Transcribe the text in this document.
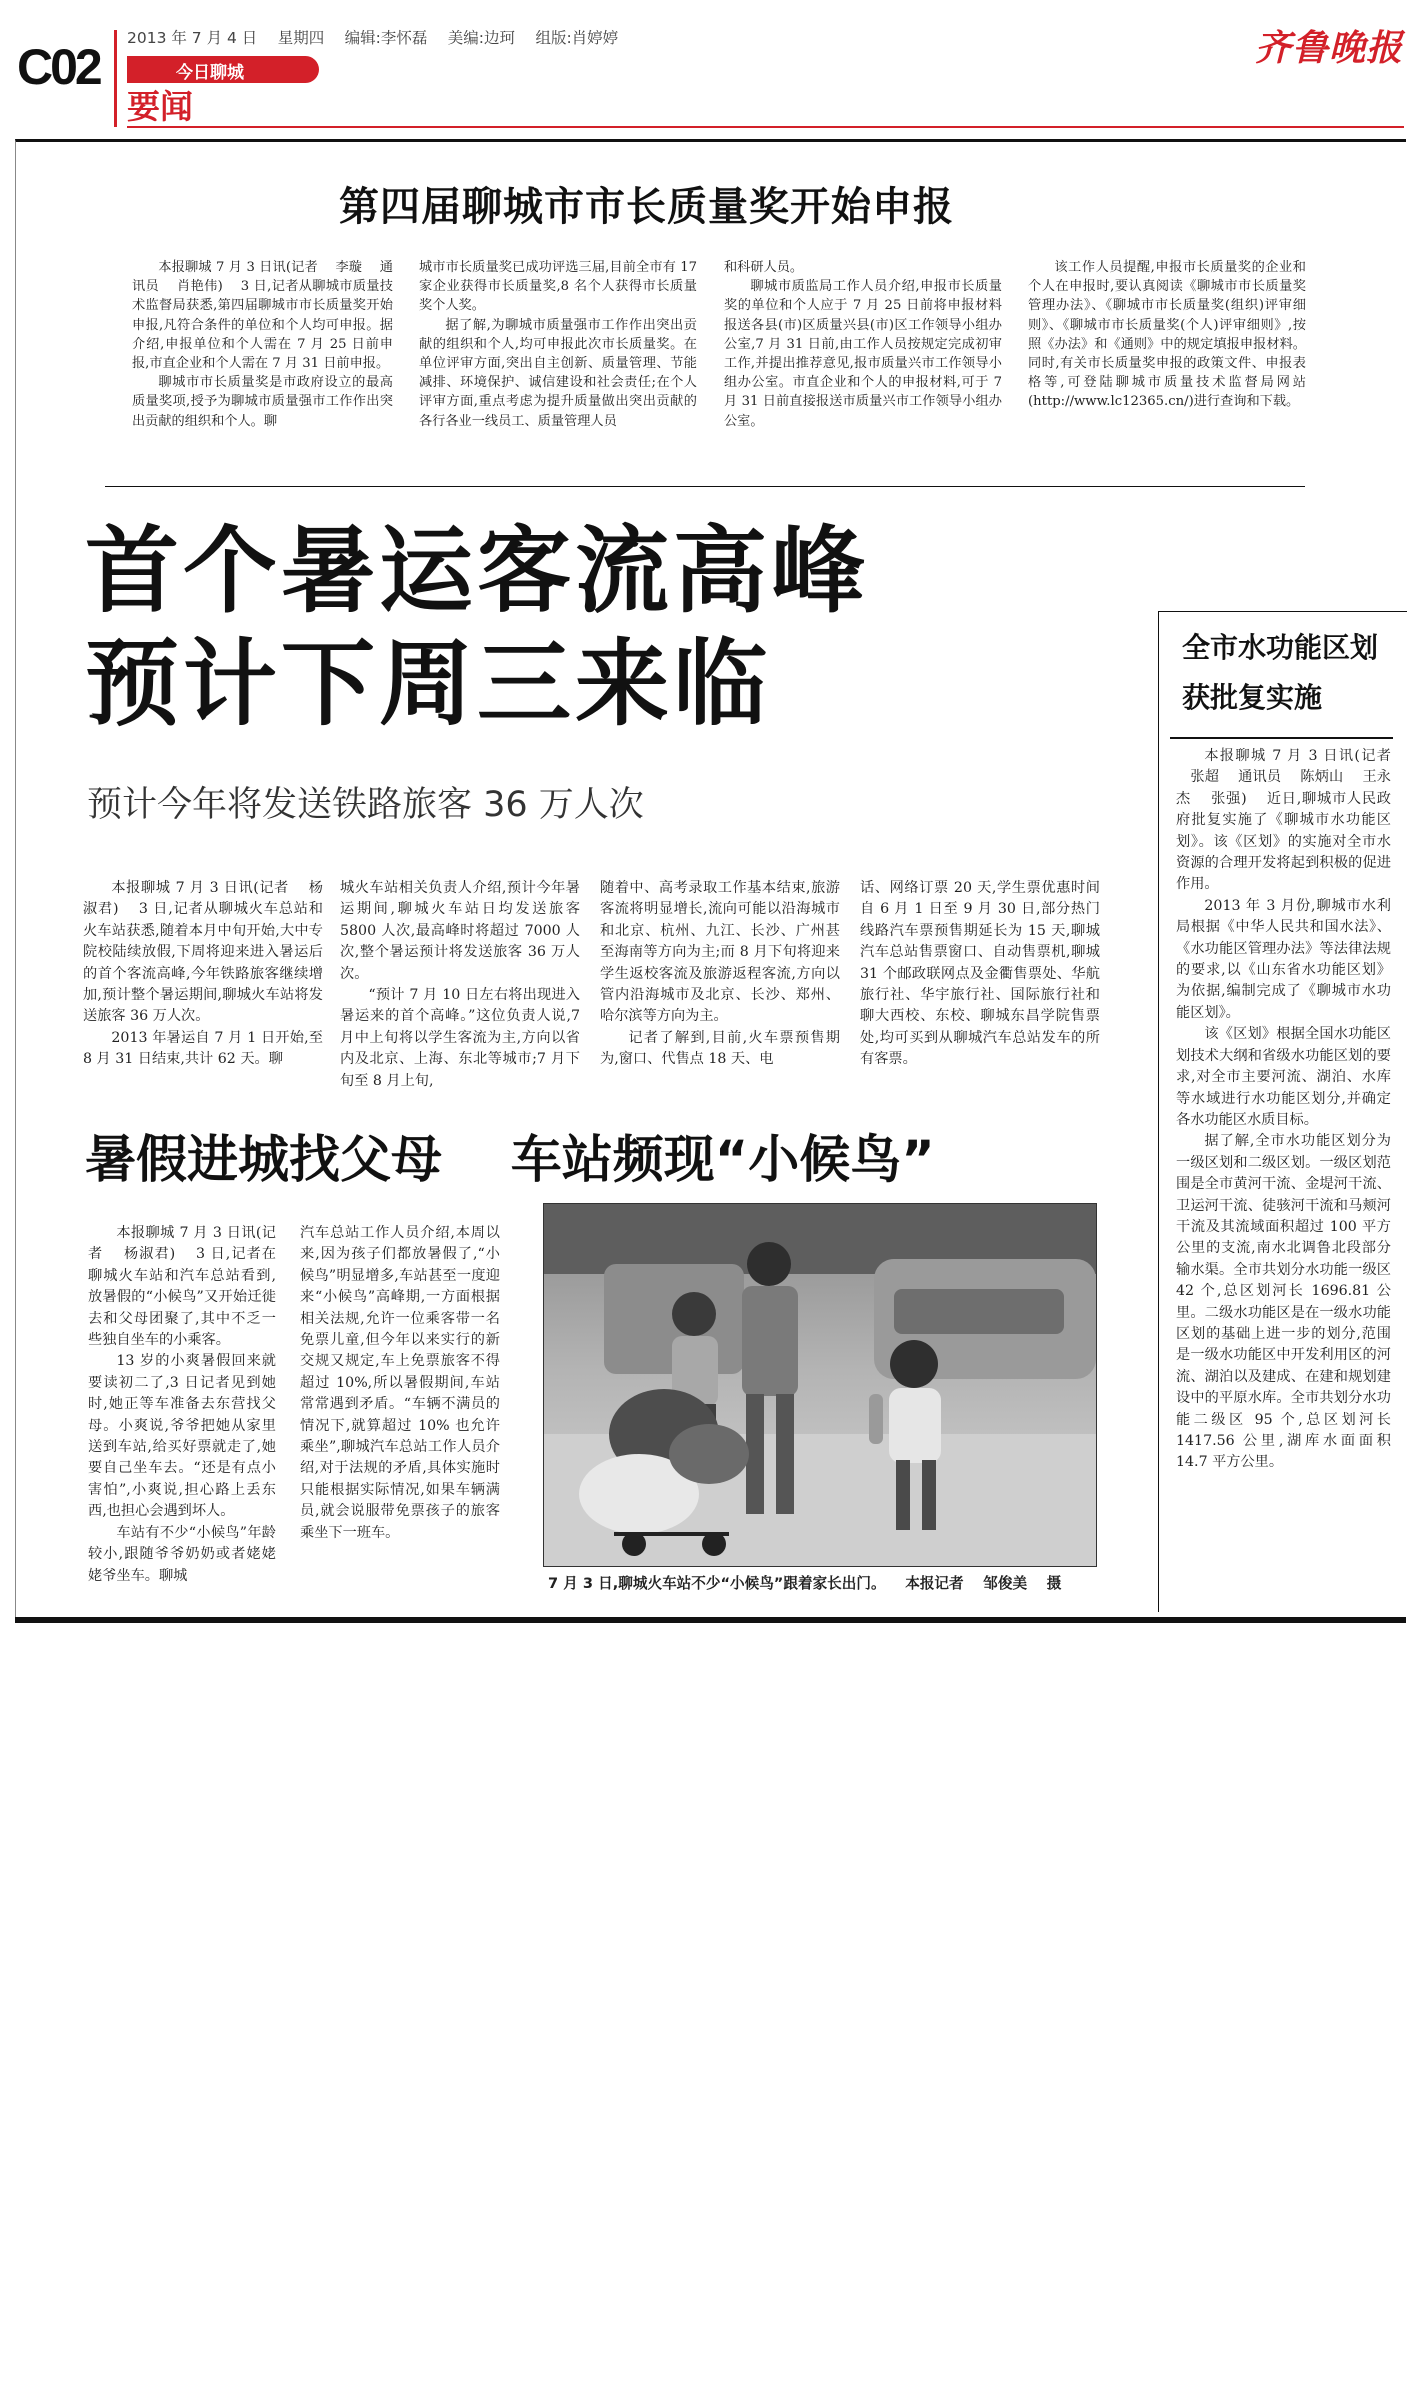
C02
2013 年 7 月 4 日 　星期四 　编辑:李怀磊 　美编:边珂 　组版:肖婷婷
今日聊城
要闻
齐鲁晚报
第四届聊城市市长质量奖开始申报

本报聊城 7 月 3 日讯(记者 　李璇 　通讯员 　肖艳伟) 　3 日,记者从聊城市质量技术监督局获悉,第四届聊城市市长质量奖开始申报,凡符合条件的单位和个人均可申报。据介绍,申报单位和个人需在 7 月 25 日前申报,市直企业和个人需在 7 月 31 日前申报。

聊城市市长质量奖是市政府设立的最高质量奖项,授予为聊城市质量强市工作作出突出贡献的组织和个人。聊

城市市长质量奖已成功评选三届,目前全市有 17 家企业获得市长质量奖,8 名个人获得市长质量奖个人奖。

据了解,为聊城市质量强市工作作出突出贡献的组织和个人,均可申报此次市长质量奖。在单位评审方面,突出自主创新、质量管理、节能减排、环境保护、诚信建设和社会责任;在个人评审方面,重点考虑为提升质量做出突出贡献的各行各业一线员工、质量管理人员

和科研人员。

聊城市质监局工作人员介绍,申报市长质量奖的单位和个人应于 7 月 25 日前将申报材料报送各县(市)区质量兴县(市)区工作领导小组办公室,7 月 31 日前,由工作人员按规定完成初审工作,并提出推荐意见,报市质量兴市工作领导小组办公室。市直企业和个人的申报材料,可于 7 月 31 日前直接报送市质量兴市工作领导小组办公室。

该工作人员提醒,申报市长质量奖的企业和个人在申报时,要认真阅读《聊城市市长质量奖管理办法》、《聊城市市长质量奖(组织)评审细则》、《聊城市市长质量奖(个人)评审细则》,按照《办法》和《通则》中的规定填报申报材料。同时,有关市长质量奖申报的政策文件、申报表格等,可登陆聊城市质量技术监督局网站(http://www.lc12365.cn/)进行查询和下载。

首个暑运客流高峰
预计下周三来临
预计今年将发送铁路旅客 36 万人次

本报聊城 7 月 3 日讯(记者 　杨淑君) 　3 日,记者从聊城火车总站和火车站获悉,随着本月中旬开始,大中专院校陆续放假,下周将迎来进入暑运后的首个客流高峰,今年铁路旅客继续增加,预计整个暑运期间,聊城火车站将发送旅客 36 万人次。

2013 年暑运自 7 月 1 日开始,至 8 月 31 日结束,共计 62 天。聊

城火车站相关负责人介绍,预计今年暑运期间,聊城火车站日均发送旅客 5800 人次,最高峰时将超过 7000 人次,整个暑运预计将发送旅客 36 万人次。

“预计 7 月 10 日左右将出现进入暑运来的首个高峰。”这位负责人说,7 月中上旬将以学生客流为主,方向以省内及北京、上海、东北等城市;7 月下旬至 8 月上旬,

随着中、高考录取工作基本结束,旅游客流将明显增长,流向可能以沿海城市和北京、杭州、九江、长沙、广州甚至海南等方向为主;而 8 月下旬将迎来学生返校客流及旅游返程客流,方向以管内沿海城市及北京、长沙、郑州、哈尔滨等方向为主。

记者了解到,目前,火车票预售期为,窗口、代售点 18 天、电

话、网络订票 20 天,学生票优惠时间自 6 月 1 日至 9 月 30 日,部分热门线路汽车票预售期延长为 15 天,聊城汽车总站售票窗口、自动售票机,聊城 31 个邮政联网点及金衢售票处、华航旅行社、华宇旅行社、国际旅行社和聊大西校、东校、聊城东昌学院售票处,均可买到从聊城汽车总站发车的所有客票。

暑假进城找父母 　车站频现“小候鸟”

本报聊城 7 月 3 日讯(记者 　杨淑君) 　3 日,记者在聊城火车站和汽车总站看到,放暑假的“小候鸟”又开始迁徙去和父母团聚了,其中不乏一些独自坐车的小乘客。

13 岁的小爽暑假回来就要读初二了,3 日记者见到她时,她正等车准备去东营找父母。小爽说,爷爷把她从家里送到车站,给买好票就走了,她要自己坐车去。“还是有点小害怕”,小爽说,担心路上丢东西,也担心会遇到坏人。

车站有不少“小候鸟”年龄较小,跟随爷爷奶奶或者姥姥姥爷坐车。聊城

汽车总站工作人员介绍,本周以来,因为孩子们都放暑假了,“小候鸟”明显增多,车站甚至一度迎来“小候鸟”高峰期,一方面根据相关法规,允许一位乘客带一名免票儿童,但今年以来实行的新交规又规定,车上免票旅客不得超过 10%,所以暑假期间,车站常常遇到矛盾。“车辆不满员的情况下,就算超过 10% 也允许乘坐”,聊城汽车总站工作人员介绍,对于法规的矛盾,具体实施时只能根据实际情况,如果车辆满员,就会说服带免票孩子的旅客乘坐下一班车。

7 月 3 日,聊城火车站不少“小候鸟”跟着家长出门。 　本报记者 　邹俊美 　摄
全市水功能区划
获批复实施

本报聊城 7 月 3 日讯(记者 　张超 　通讯员 　陈炳山 　王永杰 　张强) 　近日,聊城市人民政府批复实施了《聊城市水功能区划》。该《区划》的实施对全市水资源的合理开发将起到积极的促进作用。

2013 年 3 月份,聊城市水利局根据《中华人民共和国水法》、《水功能区管理办法》等法律法规的要求,以《山东省水功能区划》为依据,编制完成了《聊城市水功能区划》。

该《区划》根据全国水功能区划技术大纲和省级水功能区划的要求,对全市主要河流、湖泊、水库等水域进行水功能区划分,并确定各水功能区水质目标。

据了解,全市水功能区划分为一级区划和二级区划。一级区划范围是全市黄河干流、金堤河干流、卫运河干流、徒骇河干流和马颊河干流及其流域面积超过 100 平方公里的支流,南水北调鲁北段部分输水渠。全市共划分水功能一级区 42 个,总区划河长 1696.81 公里。二级水功能区是在一级水功能区划的基础上进一步的划分,范围是一级水功能区中开发利用区的河流、湖泊以及建成、在建和规划建设中的平原水库。全市共划分水功能二级区 95 个,总区划河长 1417.56 公里,湖库水面面积 14.7 平方公里。
